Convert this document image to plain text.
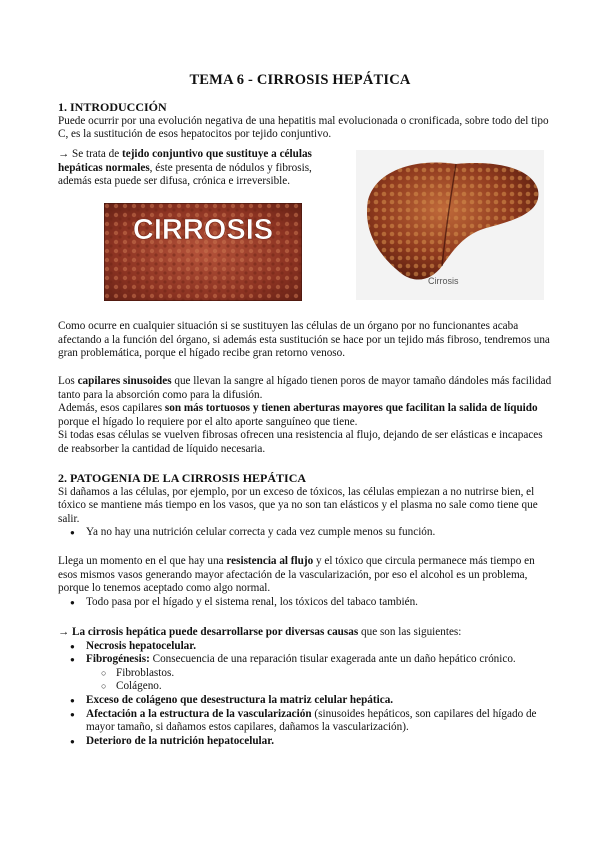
TEMA 6 - CIRROSIS HEPÁTICA
1. INTRODUCCIÓN
Puede ocurrir por una evolución negativa de una hepatitis mal evolucionada o cronificada, sobre todo del tipo C, es la sustitución de esos hepatocitos por tejido conjuntivo.
→ Se trata de tejido conjuntivo que sustituye a células hepáticas normales, éste presenta de nódulos y fibrosis, además esta puede ser difusa, crónica e irreversible.
CIRROSIS
Cirrosis
Como ocurre en cualquier situación si se sustituyen las células de un órgano por no funcionantes acaba afectando a la función del órgano, si además esta sustitución se hace por un tejido más fibroso, tendremos una gran problemática, porque el hígado recibe gran retorno venoso.
Los capilares sinusoides que llevan la sangre al hígado tienen poros de mayor tamaño dándoles más facilidad tanto para la absorción como para la difusión.
Además, esos capilares son más tortuosos y tienen aberturas mayores que facilitan la salida de líquido porque el hígado lo requiere por el alto aporte sanguíneo que tiene.
Si todas esas células se vuelven fibrosas ofrecen una resistencia al flujo, dejando de ser elásticas e incapaces de reabsorber la cantidad de líquido necesaria.
2. PATOGENIA DE LA CIRROSIS HEPÁTICA
Si dañamos a las células, por ejemplo, por un exceso de tóxicos, las células empiezan a no nutrirse bien, el tóxico se mantiene más tiempo en los vasos, que ya no son tan elásticos y el plasma no sale como tiene que salir.
● Ya no hay una nutrición celular correcta y cada vez cumple menos su función.
Llega un momento en el que hay una resistencia al flujo y el tóxico que circula permanece más tiempo en esos mismos vasos generando mayor afectación de la vascularización, por eso el alcohol es un problema, porque lo tenemos aceptado como algo normal.
● Todo pasa por el hígado y el sistema renal, los tóxicos del tabaco también.
→ La cirrosis hepática puede desarrollarse por diversas causas que son las siguientes:
● Necrosis hepatocelular.
● Fibrogénesis: Consecuencia de una reparación tisular exagerada ante un daño hepático crónico.
○ Fibroblastos.
○ Colágeno.
● Exceso de colágeno que desestructura la matriz celular hepática.
● Afectación a la estructura de la vascularización (sinusoides hepáticos, son capilares del hígado de mayor tamaño, si dañamos estos capilares, dañamos la vascularización).
● Deterioro de la nutrición hepatocelular.
